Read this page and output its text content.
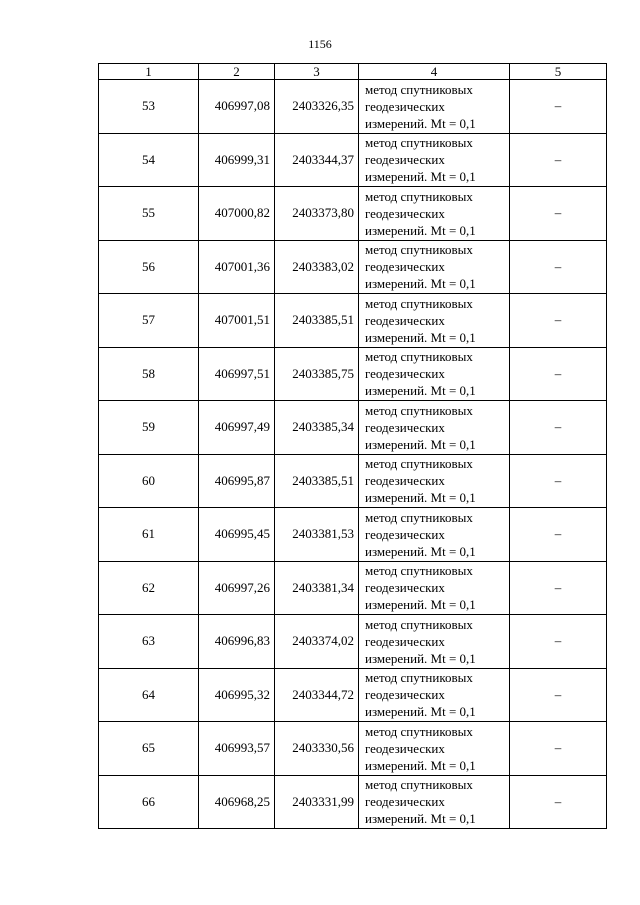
1156
1	2	3	4	5
53	406997,08	2403326,35	метод спутниковых
геодезических
измерений. Mt = 0,1	–
54	406999,31	2403344,37	метод спутниковых
геодезических
измерений. Mt = 0,1	–
55	407000,82	2403373,80	метод спутниковых
геодезических
измерений. Mt = 0,1	–
56	407001,36	2403383,02	метод спутниковых
геодезических
измерений. Mt = 0,1	–
57	407001,51	2403385,51	метод спутниковых
геодезических
измерений. Mt = 0,1	–
58	406997,51	2403385,75	метод спутниковых
геодезических
измерений. Mt = 0,1	–
59	406997,49	2403385,34	метод спутниковых
геодезических
измерений. Mt = 0,1	–
60	406995,87	2403385,51	метод спутниковых
геодезических
измерений. Mt = 0,1	–
61	406995,45	2403381,53	метод спутниковых
геодезических
измерений. Mt = 0,1	–
62	406997,26	2403381,34	метод спутниковых
геодезических
измерений. Mt = 0,1	–
63	406996,83	2403374,02	метод спутниковых
геодезических
измерений. Mt = 0,1	–
64	406995,32	2403344,72	метод спутниковых
геодезических
измерений. Mt = 0,1	–
65	406993,57	2403330,56	метод спутниковых
геодезических
измерений. Mt = 0,1	–
66	406968,25	2403331,99	метод спутниковых
геодезических
измерений. Mt = 0,1	–
